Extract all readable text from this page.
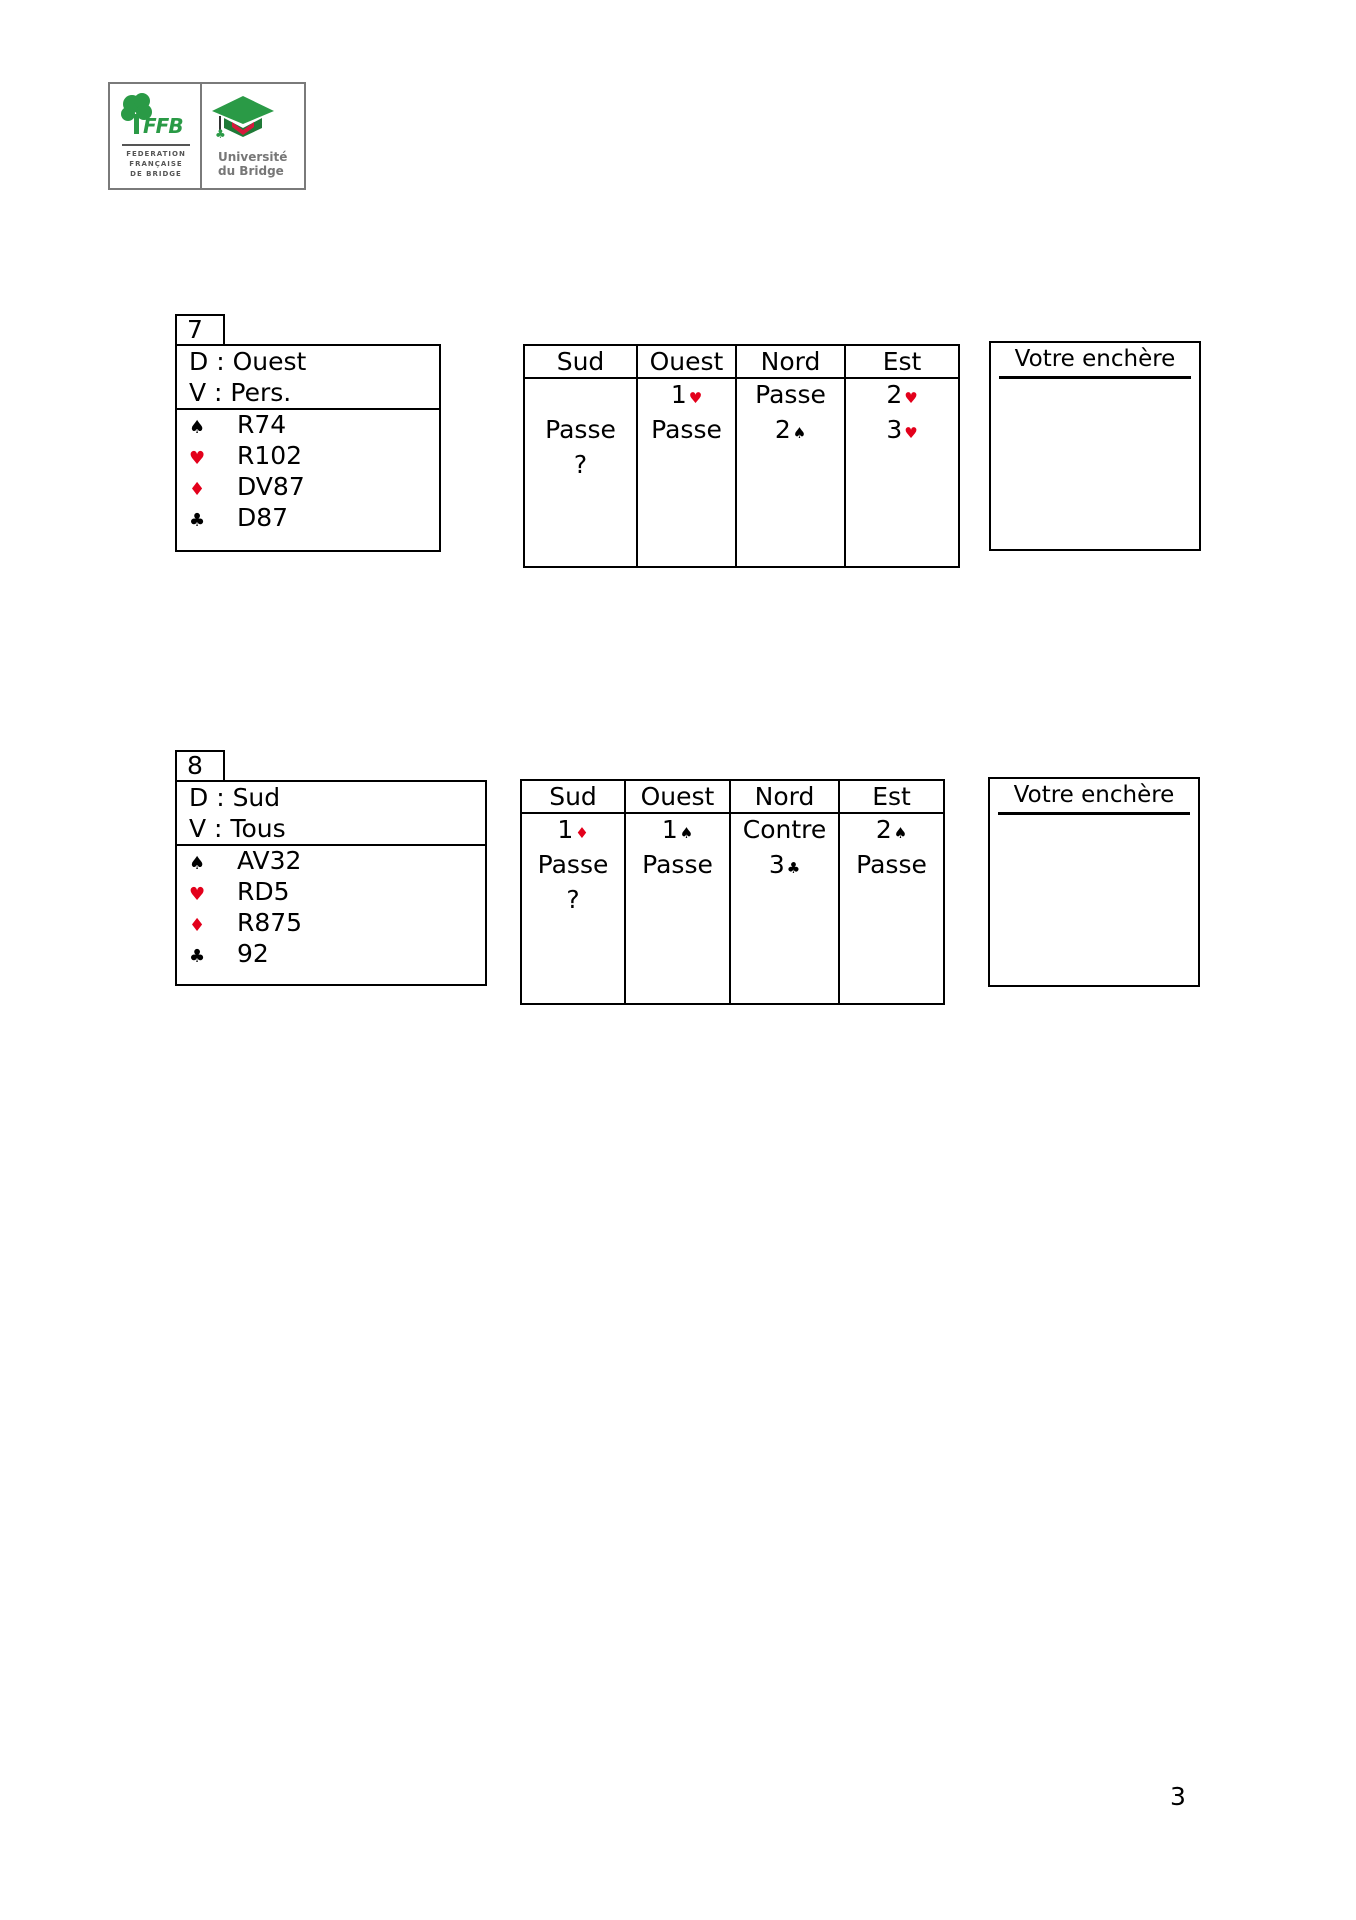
FFB
FEDERATION
FRANÇAISE
DE BRIDGE
♣
Université
du Bridge
7
D : Ouest
V : Pers.
♠ R74
♥ R102
♦ DV87
♣ D87
Sud	Ouest	Nord	Est
	1 ♥	Passe	2 ♥
Passe	Passe	2 ♠	3 ♥
?			
Votre enchère
8
D : Sud
V : Tous
♠ AV32
♥ RD5
♦ R875
♣ 92
Sud	Ouest	Nord	Est
1 ♦	1 ♠	Contre	2 ♠
Passe	Passe	3 ♣	Passe
?			
Votre enchère
3
